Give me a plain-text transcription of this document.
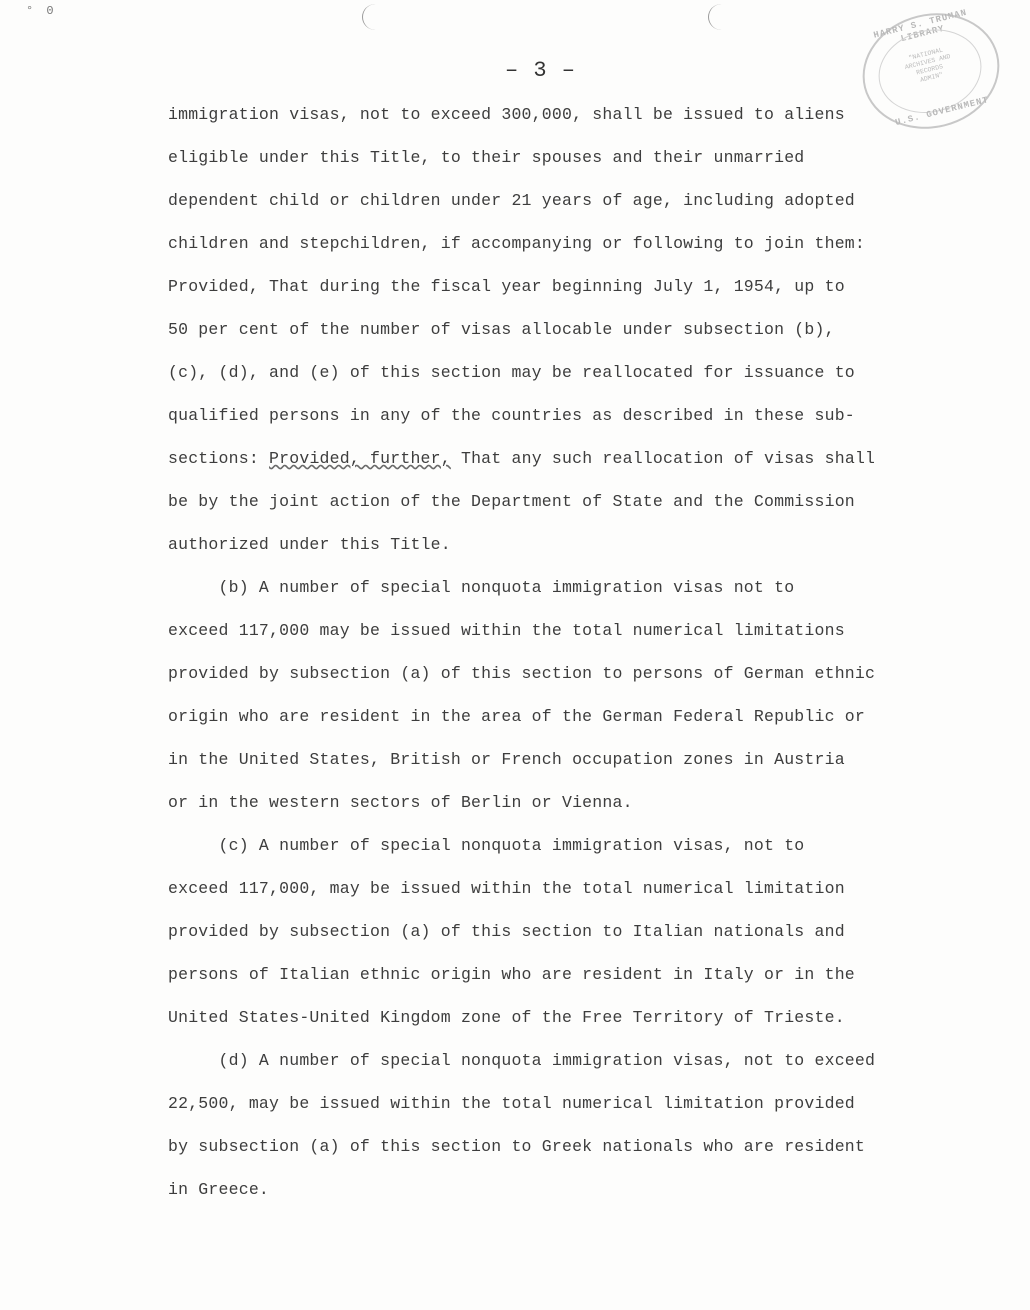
° 0
– 3 –
HARRY S. TRUMAN LIBRARY
"NATIONAL
ARCHIVES AND
RECORDS
ADMIN"
U.S. GOVERNMENT
immigration visas, not to exceed 300,000, shall be issued to aliens
eligible under this Title, to their spouses and their unmarried
dependent child or children under 21 years of age, including adopted
children and stepchildren, if accompanying or following to join them:
Provided, That during the fiscal year beginning July 1, 1954, up to
50 per cent of the number of visas allocable under subsection (b),
(c), (d), and (e) of this section may be reallocated for issuance to
qualified persons in any of the countries as described in these sub-
sections: Provided, further, That any such reallocation of visas shall
be by the joint action of the Department of State and the Commission
authorized under this Title.
(b) A number of special nonquota immigration visas not to
exceed 117,000 may be issued within the total numerical limitations
provided by subsection (a) of this section to persons of German ethnic
origin who are resident in the area of the German Federal Republic or
in the United States, British or French occupation zones in Austria
or in the western sectors of Berlin or Vienna.
(c) A number of special nonquota immigration visas, not to
exceed 117,000, may be issued within the total numerical limitation
provided by subsection (a) of this section to Italian nationals and
persons of Italian ethnic origin who are resident in Italy or in the
United States-United Kingdom zone of the Free Territory of Trieste.
(d) A number of special nonquota immigration visas, not to exceed
22,500, may be issued within the total numerical limitation provided
by subsection (a) of this section to Greek nationals who are resident
in Greece.
